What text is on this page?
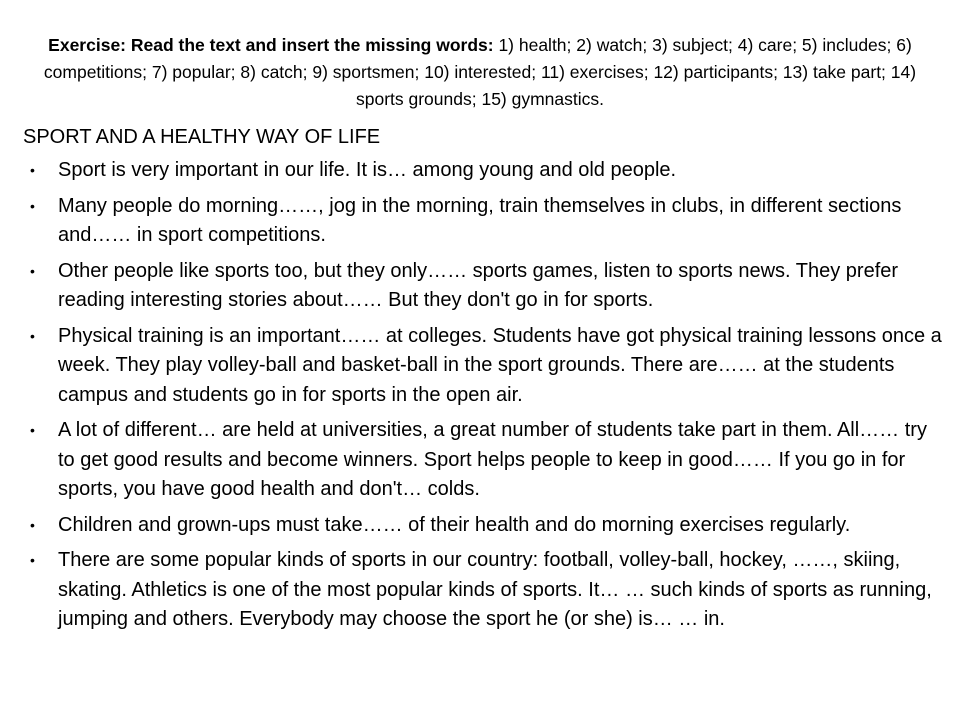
Exercise: Read the text and insert the missing words: 1) health; 2) watch; 3) subject; 4) care; 5) includes; 6) competitions; 7) popular; 8) catch; 9) sportsmen; 10) interested; 11) exercises; 12) participants; 13) take part; 14) sports grounds; 15) gymnastics.
SPORT AND A HEALTHY WAY OF LIFE
• Sport is very important in our life. It is… among young and old people.
• Many people do morning……, jog in the morning, train themselves in clubs, in different sections and…… in sport competitions.
• Other people like sports too, but they only…… sports games, listen to sports news. They prefer reading interesting stories about…… But they don't go in for sports.
• Physical training is an important…… at colleges. Students have got physical training lessons once a week. They play volley-ball and basket-ball in the sport grounds. There are…… at the students campus and students go in for sports in the open air.
• A lot of different… are held at universities, a great number of students take part in them. All…… try to get good results and become winners. Sport helps people to keep in good…… If you go in for sports, you have good health and don't… colds.
• Children and grown-ups must take…… of their health and do morning exercises regularly.
• There are some popular kinds of sports in our country: football, volley-ball, hockey, ……, skiing, skating. Athletics is one of the most popular kinds of sports. It… … such kinds of sports as running, jumping and others. Everybody may choose the sport he (or she) is… … in.
